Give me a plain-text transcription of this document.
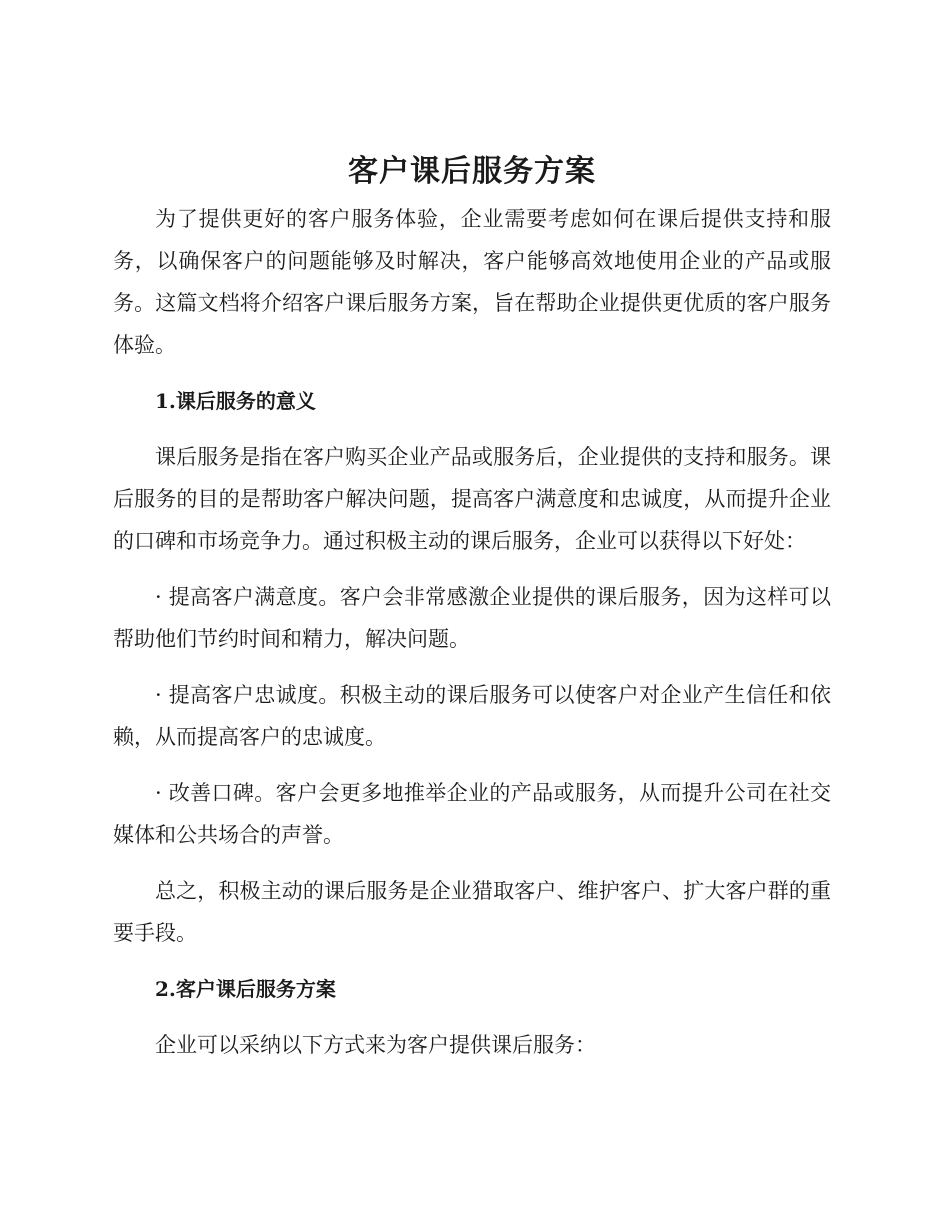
客户课后服务方案

为了提供更好的客户服务体验，企业需要考虑如何在课后提供支持和服务，以确保客户的问题能够及时解决，客户能够高效地使用企业的产品或服务。这篇文档将介绍客户课后服务方案，旨在帮助企业提供更优质的客户服务体验。

1.课后服务的意义

课后服务是指在客户购买企业产品或服务后，企业提供的支持和服务。课后服务的目的是帮助客户解决问题，提高客户满意度和忠诚度，从而提升企业的口碑和市场竞争力。通过积极主动的课后服务，企业可以获得以下好处：

· 提高客户满意度。客户会非常感激企业提供的课后服务，因为这样可以帮助他们节约时间和精力，解决问题。

· 提高客户忠诚度。积极主动的课后服务可以使客户对企业产生信任和依赖，从而提高客户的忠诚度。

· 改善口碑。客户会更多地推举企业的产品或服务，从而提升公司在社交媒体和公共场合的声誉。

总之，积极主动的课后服务是企业猎取客户、维护客户、扩大客户群的重要手段。

2.客户课后服务方案

企业可以采纳以下方式来为客户提供课后服务：
